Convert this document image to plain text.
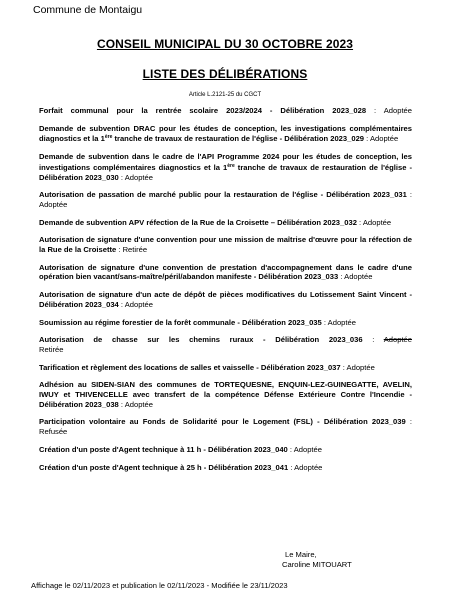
Commune de Montaigu
CONSEIL MUNICIPAL DU 30 OCTOBRE 2023
LISTE DES DÉLIBÉRATIONS
Article L.2121-25 du CGCT
Forfait communal pour la rentrée scolaire 2023/2024 - Délibération 2023_028 : Adoptée
Demande de subvention DRAC pour les études de conception, les investigations complémentaires diagnostics et la 1ère tranche de travaux de restauration de l'église - Délibération 2023_029 : Adoptée
Demande de subvention dans le cadre de l'API Programme 2024 pour les études de conception, les investigations complémentaires diagnostics et la 1ère tranche de travaux de restauration de l'église - Délibération 2023_030 : Adoptée
Autorisation de passation de marché public pour la restauration de l'église - Délibération 2023_031 : Adoptée
Demande de subvention APV réfection de la Rue de la Croisette – Délibération 2023_032 : Adoptée
Autorisation de signature d'une convention pour une mission de maîtrise d'œuvre pour la réfection de la Rue de la Croisette : Retirée
Autorisation de signature d'une convention de prestation d'accompagnement dans le cadre d'une opération bien vacant/sans-maître/péril/abandon manifeste - Délibération 2023_033 : Adoptée
Autorisation de signature d'un acte de dépôt de pièces modificatives du Lotissement Saint Vincent - Délibération 2023_034 : Adoptée
Soumission au régime forestier de la forêt communale - Délibération 2023_035 : Adoptée
Autorisation de chasse sur les chemins ruraux - Délibération 2023_036 : Adoptée
Retirée
Tarification et règlement des locations de salles et vaisselle - Délibération 2023_037 : Adoptée
Adhésion au SIDEN-SIAN des communes de TORTEQUESNE, ENQUIN-LEZ-GUINEGATTE, AVELIN, IWUY et THIVENCELLE avec transfert de la compétence Défense Extérieure Contre l'Incendie - Délibération 2023_038 : Adoptée
Participation volontaire au Fonds de Solidarité pour le Logement (FSL) - Délibération 2023_039 : Refusée
Création d'un poste d'Agent technique à 11 h - Délibération 2023_040 : Adoptée
Création d'un poste d'Agent technique à 25 h - Délibération 2023_041 : Adoptée
Le Maire,
Caroline MITOUART
Affichage le 02/11/2023 et publication le 02/11/2023 - Modifiée le 23/11/2023
